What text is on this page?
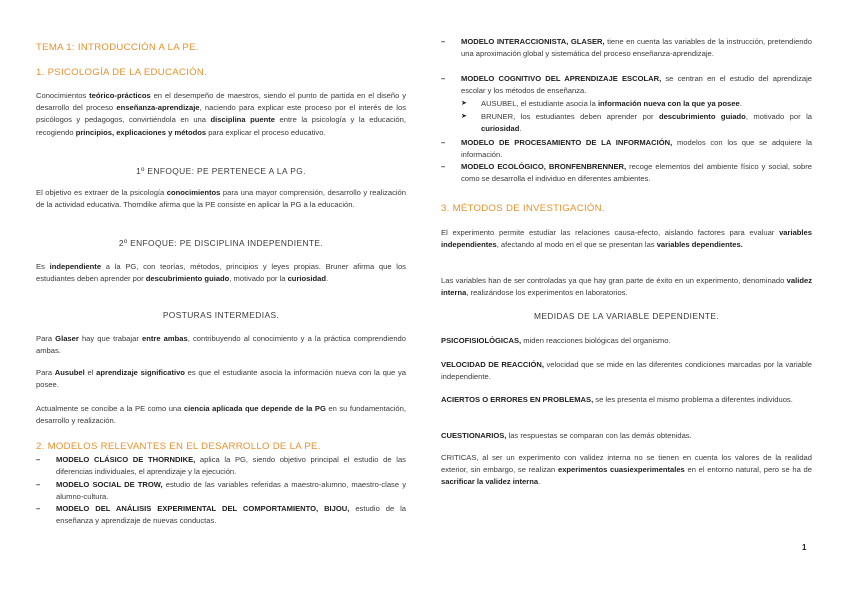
TEMA 1: INTRODUCCIÓN A LA PE.

1. PSICOLOGÍA DE LA EDUCACIÓN.

Conocimientos teórico-prácticos en el desempeño de maestros, siendo el punto de partida en el diseño y desarrollo del proceso enseñanza-aprendizaje, naciendo para explicar este proceso por el interés de los psicólogos y pedagogos, convirtiéndola en una disciplina puente entre la psicología y la educación, recogiendo principios, explicaciones y métodos para explicar el proceso educativo.

1º ENFOQUE: PE PERTENECE A LA PG.

El objetivo es extraer de la psicología conocimientos para una mayor comprensión, desarrollo y realización de la actividad educativa. Thorndike afirma que la PE consiste en aplicar la PG a la educación.

2º ENFOQUE: PE DISCIPLINA INDEPENDIENTE.

Es independiente a la PG, con teorías, métodos, principios y leyes propias. Bruner afirma que los estudiantes deben aprender por descubrimiento guiado, motivado por la curiosidad.

POSTURAS INTERMEDIAS.

Para Glaser hay que trabajar entre ambas, contribuyendo al conocimiento y a la práctica comprendiendo ambas.

Para Ausubel el aprendizaje significativo es que el estudiante asocia la información nueva con la que ya posee.

Actualmente se concibe a la PE como una ciencia aplicada que depende de la PG en su fundamentación, desarrollo y realización.

2. MODELOS RELEVANTES EN EL DESARROLLO DE LA PE.

– MODELO CLÁSICO DE THORNDIKE, aplica la PG, siendo objetivo principal el estudio de las diferencias individuales, el aprendizaje y la ejecución.
– MODELO SOCIAL DE TROW, estudio de las variables referidas a maestro-alumno, maestro-clase y alumno-cultura.
– MODELO DEL ANÁLISIS EXPERIMENTAL DEL COMPORTAMIENTO, BIJOU, estudio de la enseñanza y aprendizaje de nuevas conductas.
– MODELO INTERACCIONISTA, GLASER, tiene en cuenta las variables de la instrucción, pretendiendo una aproximación global y sistemática del proceso enseñanza-aprendizaje.
– MODELO COGNITIVO DEL APRENDIZAJE ESCOLAR, se centran en el estudio del aprendizaje escolar y los métodos de enseñanza.
➤ AUSUBEL, el estudiante asocia la información nueva con la que ya posee.
➤ BRUNER, los estudiantes deben aprender por descubrimiento guiado, motivado por la curiosidad.
– MODELO DE PROCESAMIENTO DE LA INFORMACIÓN, modelos con los que se adquiere la información.
– MODELO ECOLÓGICO, BRONFENBRENNER, recoge elementos del ambiente físico y social, sobre como se desarrolla el individuo en diferentes ambientes.

3. MÉTODOS DE INVESTIGACIÓN.

El experimento permite estudiar las relaciones causa-efecto, aislando factores para evaluar variables independientes, afectando al modo en el que se presentan las variables dependientes.

Las variables han de ser controladas ya que hay gran parte de éxito en un experimento, denominado validez interna, realizándose los experimentos en laboratorios.

MEDIDAS DE LA VARIABLE DEPENDIENTE.

PSICOFISIOLÓGICAS, miden reacciones biológicas del organismo.

VELOCIDAD DE REACCIÓN, velocidad que se mide en las diferentes condiciones marcadas por la variable independiente.

ACIERTOS O ERRORES EN PROBLEMAS, se les presenta el mismo problema a diferentes individuos.

CUESTIONARIOS, las respuestas se comparan con las demás obtenidas.

CRITICAS, al ser un experimento con validez interna no se tienen en cuenta los valores de la realidad exterior, sin embargo, se realizan experimentos cuasiexperimentales en el entorno natural, pero se ha de sacrificar la validez interna.

1
